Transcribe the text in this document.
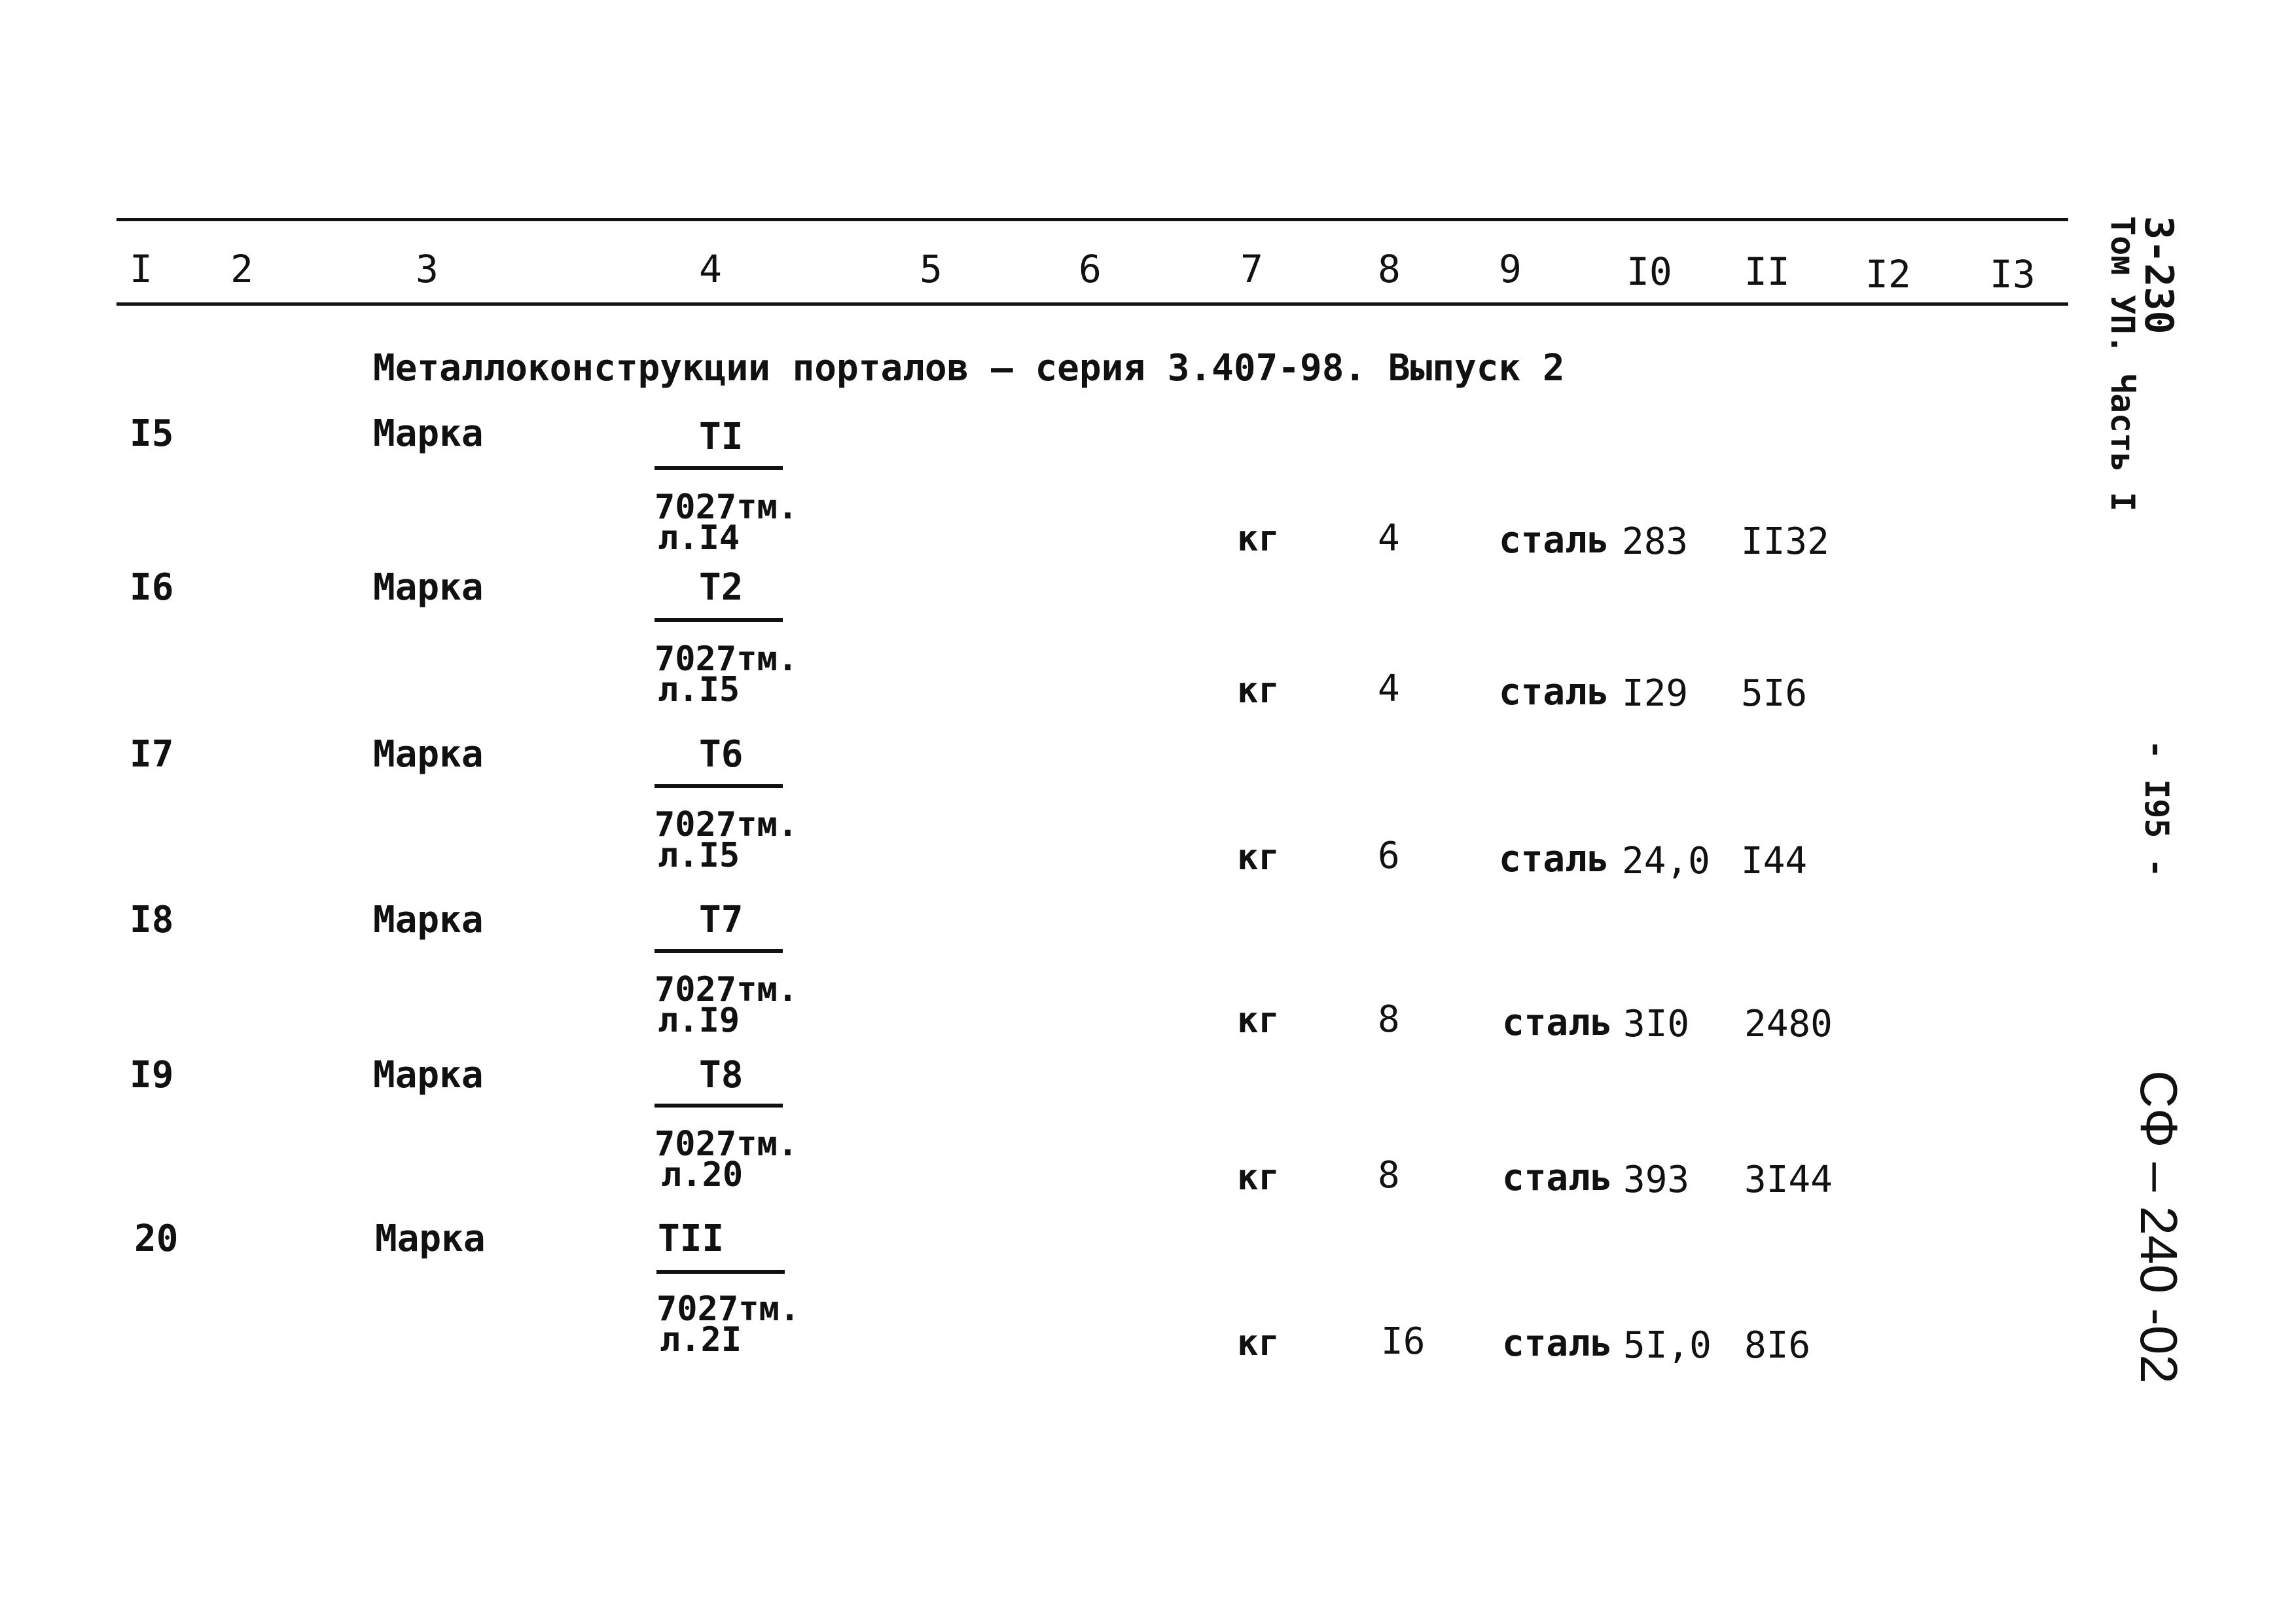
I 2	3	4	5	6	7	8	9	I0 II I2 I3
Металлоконструкции порталов – серия 3.407-98. Выпуск 2
I5	Марка	TI
7027тм.
л.I4	кг	4	сталь 283 II32
I6	Марка	T2
7027тм.
л.I5	кг	4	сталь I29 5I6
I7	Марка	T6
7027тм.
л.I5	кг	6	сталь 24,0 I44
I8	Марка	T7
7027тм.
л.I9	кг	8	сталь 3I0 2480
I9	Марка	T8
7027тм.
л.20	кг	8	сталь 393 3I44
20	Марка	TII
7027тм.
л.2I	кг	I6 сталь 5I,0 8I6
3-230
Том УП. Часть I
- I95 -
СФ – 240 -02
